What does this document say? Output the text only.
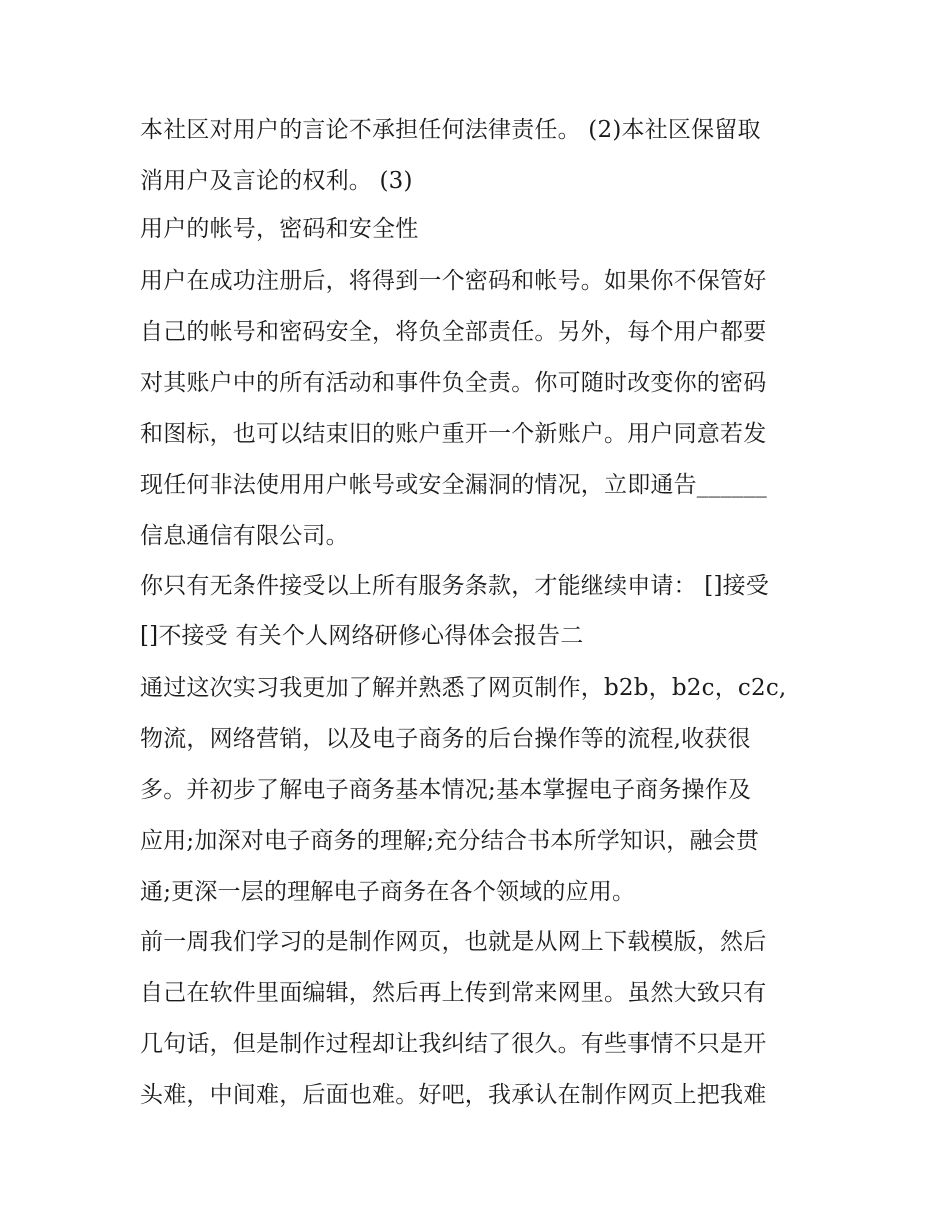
本社区对用户的言论不承担任何法律责任。 (2)本社区保留取
消用户及言论的权利。 (3)
用户的帐号，密码和安全性
用户在成功注册后，将得到一个密码和帐号。如果你不保管好
自己的帐号和密码安全，将负全部责任。另外，每个用户都要
对其账户中的所有活动和事件负全责。你可随时改变你的密码
和图标，也可以结束旧的账户重开一个新账户。用户同意若发
现任何非法使用用户帐号或安全漏洞的情况，立即通告______
信息通信有限公司。
你只有无条件接受以上所有服务条款，才能继续申请： []接受
[]不接受 有关个人网络研修心得体会报告二
通过这次实习我更加了解并熟悉了网页制作，b2b，b2c，c2c,
物流，网络营销，以及电子商务的后台操作等的流程,收获很
多。并初步了解电子商务基本情况;基本掌握电子商务操作及
应用;加深对电子商务的理解;充分结合书本所学知识，融会贯
通;更深一层的理解电子商务在各个领域的应用。
前一周我们学习的是制作网页，也就是从网上下载模版，然后
自己在软件里面编辑，然后再上传到常来网里。虽然大致只有
几句话，但是制作过程却让我纠结了很久。有些事情不只是开
头难，中间难，后面也难。好吧，我承认在制作网页上把我难
